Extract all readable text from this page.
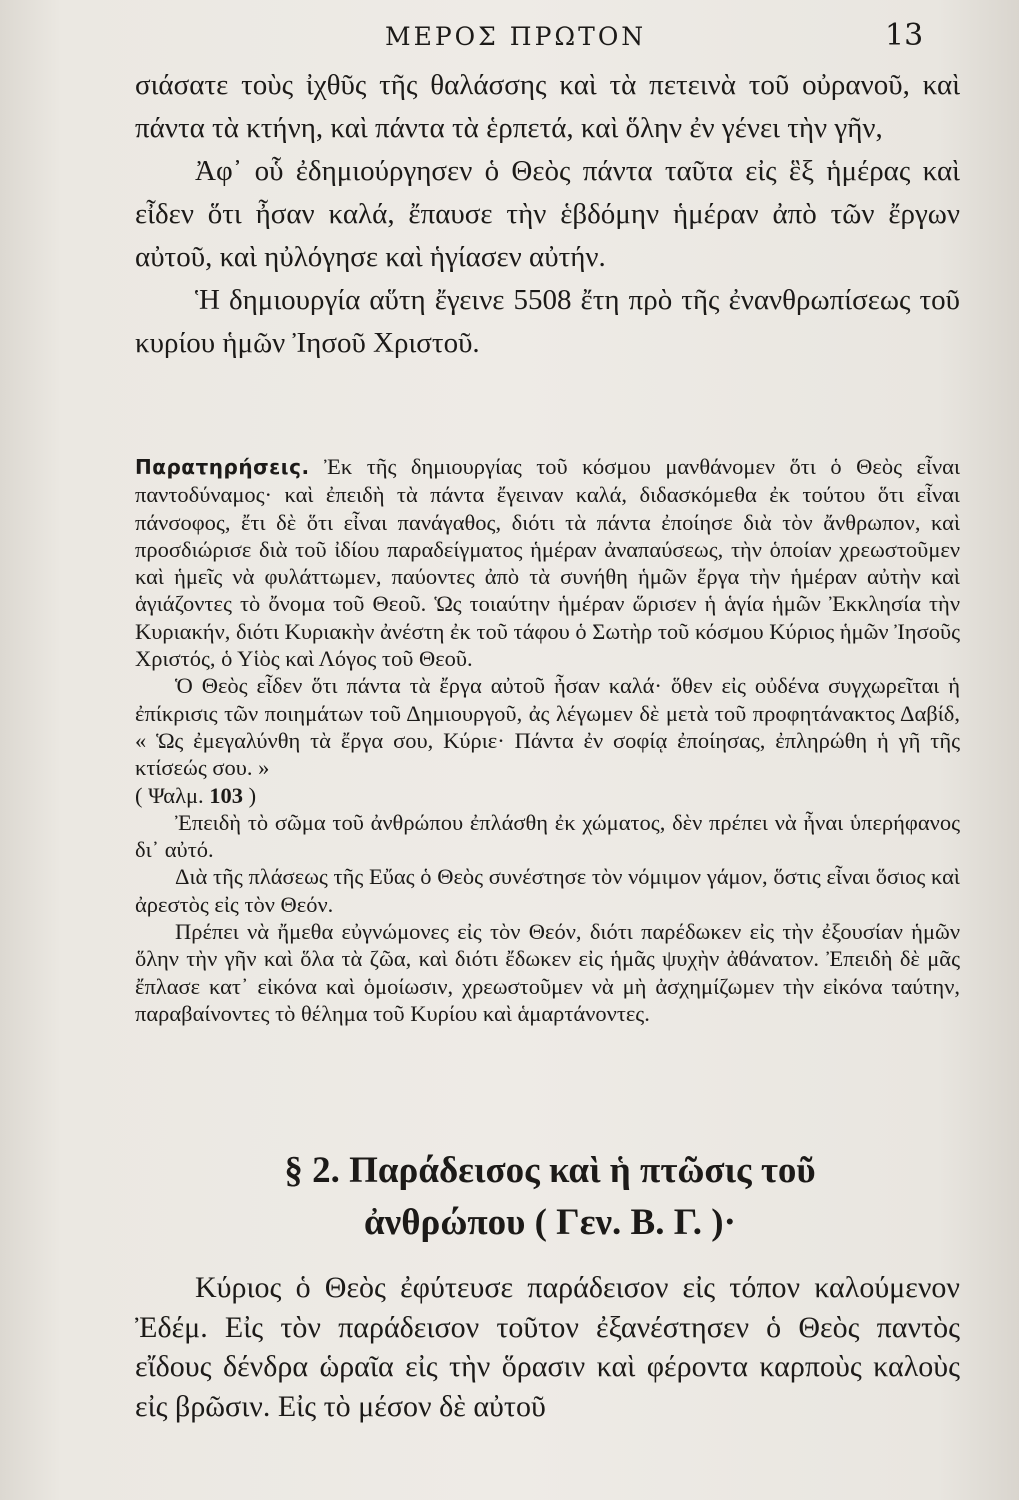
ΜΕΡΟΣ ΠΡΩΤΟΝ	13

σιάσατε τοὺς ἰχθῦς τῆς θαλάσσης καὶ τὰ πετεινὰ τοῦ οὐρανοῦ, καὶ πάντα τὰ κτήνη, καὶ πάντα τὰ ἑρπετά, καὶ ὅλην ἐν γένει τὴν γῆν,

Ἀφ᾿ οὗ ἐδημιούργησεν ὁ Θεὸς πάντα ταῦτα εἰς ἓξ ἡμέρας καὶ εἶδεν ὅτι ἦσαν καλά, ἔπαυσε τὴν ἑβδόμην ἡμέραν ἀπὸ τῶν ἔργων αὐτοῦ, καὶ ηὐλόγησε καὶ ἡγίασεν αὐτήν.

Ἡ δημιουργία αὕτη ἔγεινε 5508 ἔτη πρὸ τῆς ἐνανθρωπίσεως τοῦ κυρίου ἡμῶν Ἰησοῦ Χριστοῦ.

Παρατηρήσεις. Ἐκ τῆς δημιουργίας τοῦ κόσμου μανθάνομεν ὅτι ὁ Θεὸς εἶναι παντοδύναμος· καὶ ἐπειδὴ τὰ πάντα ἔγειναν καλά, διδασκόμεθα ἐκ τούτου ὅτι εἶναι πάνσοφος, ἔτι δὲ ὅτι εἶναι πανάγαθος, διότι τὰ πάντα ἐποίησε διὰ τὸν ἄνθρωπον, καὶ προσδιώρισε διὰ τοῦ ἰδίου παραδείγματος ἡμέραν ἀναπαύσεως, τὴν ὁποίαν χρεωστοῦμεν καὶ ἡμεῖς νὰ φυλάττωμεν, παύοντες ἀπὸ τὰ συνήθη ἡμῶν ἔργα τὴν ἡμέραν αὐτὴν καὶ ἁγιάζοντες τὸ ὄνομα τοῦ Θεοῦ. Ὡς τοιαύτην ἡμέραν ὥρισεν ἡ ἁγία ἡμῶν Ἐκκλησία τὴν Κυριακήν, διότι Κυριακὴν ἀνέστη ἐκ τοῦ τάφου ὁ Σωτὴρ τοῦ κόσμου Κύριος ἡμῶν Ἰησοῦς Χριστός, ὁ Υἱὸς καὶ Λόγος τοῦ Θεοῦ.

Ὁ Θεὸς εἶδεν ὅτι πάντα τὰ ἔργα αὐτοῦ ἦσαν καλά· ὅθεν εἰς οὐδένα συγχωρεῖται ἡ ἐπίκρισις τῶν ποιημάτων τοῦ Δημιουργοῦ, ἀς λέγωμεν δὲ μετὰ τοῦ προφητάνακτος Δαβίδ, « Ὡς ἐμεγαλύνθη τὰ ἔργα σου, Κύριε· Πάντα ἐν σοφίᾳ ἐποίησας, ἐπληρώθη ἡ γῆ τῆς κτίσεώς σου. »
( Ψαλμ. 103 )

Ἐπειδὴ τὸ σῶμα τοῦ ἀνθρώπου ἐπλάσθη ἐκ χώματος, δὲν πρέπει νὰ ἦναι ὑπερήφανος δι᾿ αὐτό.

Διὰ τῆς πλάσεως τῆς Εὔας ὁ Θεὸς συνέστησε τὸν νόμιμον γάμον, ὅστις εἶναι ὅσιος καὶ ἀρεστὸς εἰς τὸν Θεόν.

Πρέπει νὰ ἤμεθα εὐγνώμονες εἰς τὸν Θεόν, διότι παρέδωκεν εἰς τὴν ἐξουσίαν ἡμῶν ὅλην τὴν γῆν καὶ ὅλα τὰ ζῶα, καὶ διότι ἔδωκεν εἰς ἡμᾶς ψυχὴν ἀθάνατον. Ἐπειδὴ δὲ μᾶς ἔπλασε κατ᾿ εἰκόνα καὶ ὁμοίωσιν, χρεωστοῦμεν νὰ μὴ ἀσχημίζωμεν τὴν εἰκόνα ταύτην, παραβαίνοντες τὸ θέλημα τοῦ Κυρίου καὶ ἁμαρτάνοντες.

§ 2. Παράδεισος καὶ ἡ πτῶσις τοῦ
ἀνθρώπου ( Γεν. Β. Γ. )·

Κύριος ὁ Θεὸς ἐφύτευσε παράδεισον εἰς τόπον καλούμενον Ἐδέμ. Εἰς τὸν παράδεισον τοῦτον ἐξανέστησεν ὁ Θεὸς παντὸς εἴδους δένδρα ὡραῖα εἰς τὴν ὅρασιν καὶ φέροντα καρποὺς καλοὺς εἰς βρῶσιν. Εἰς τὸ μέσον δὲ αὐτοῦ
